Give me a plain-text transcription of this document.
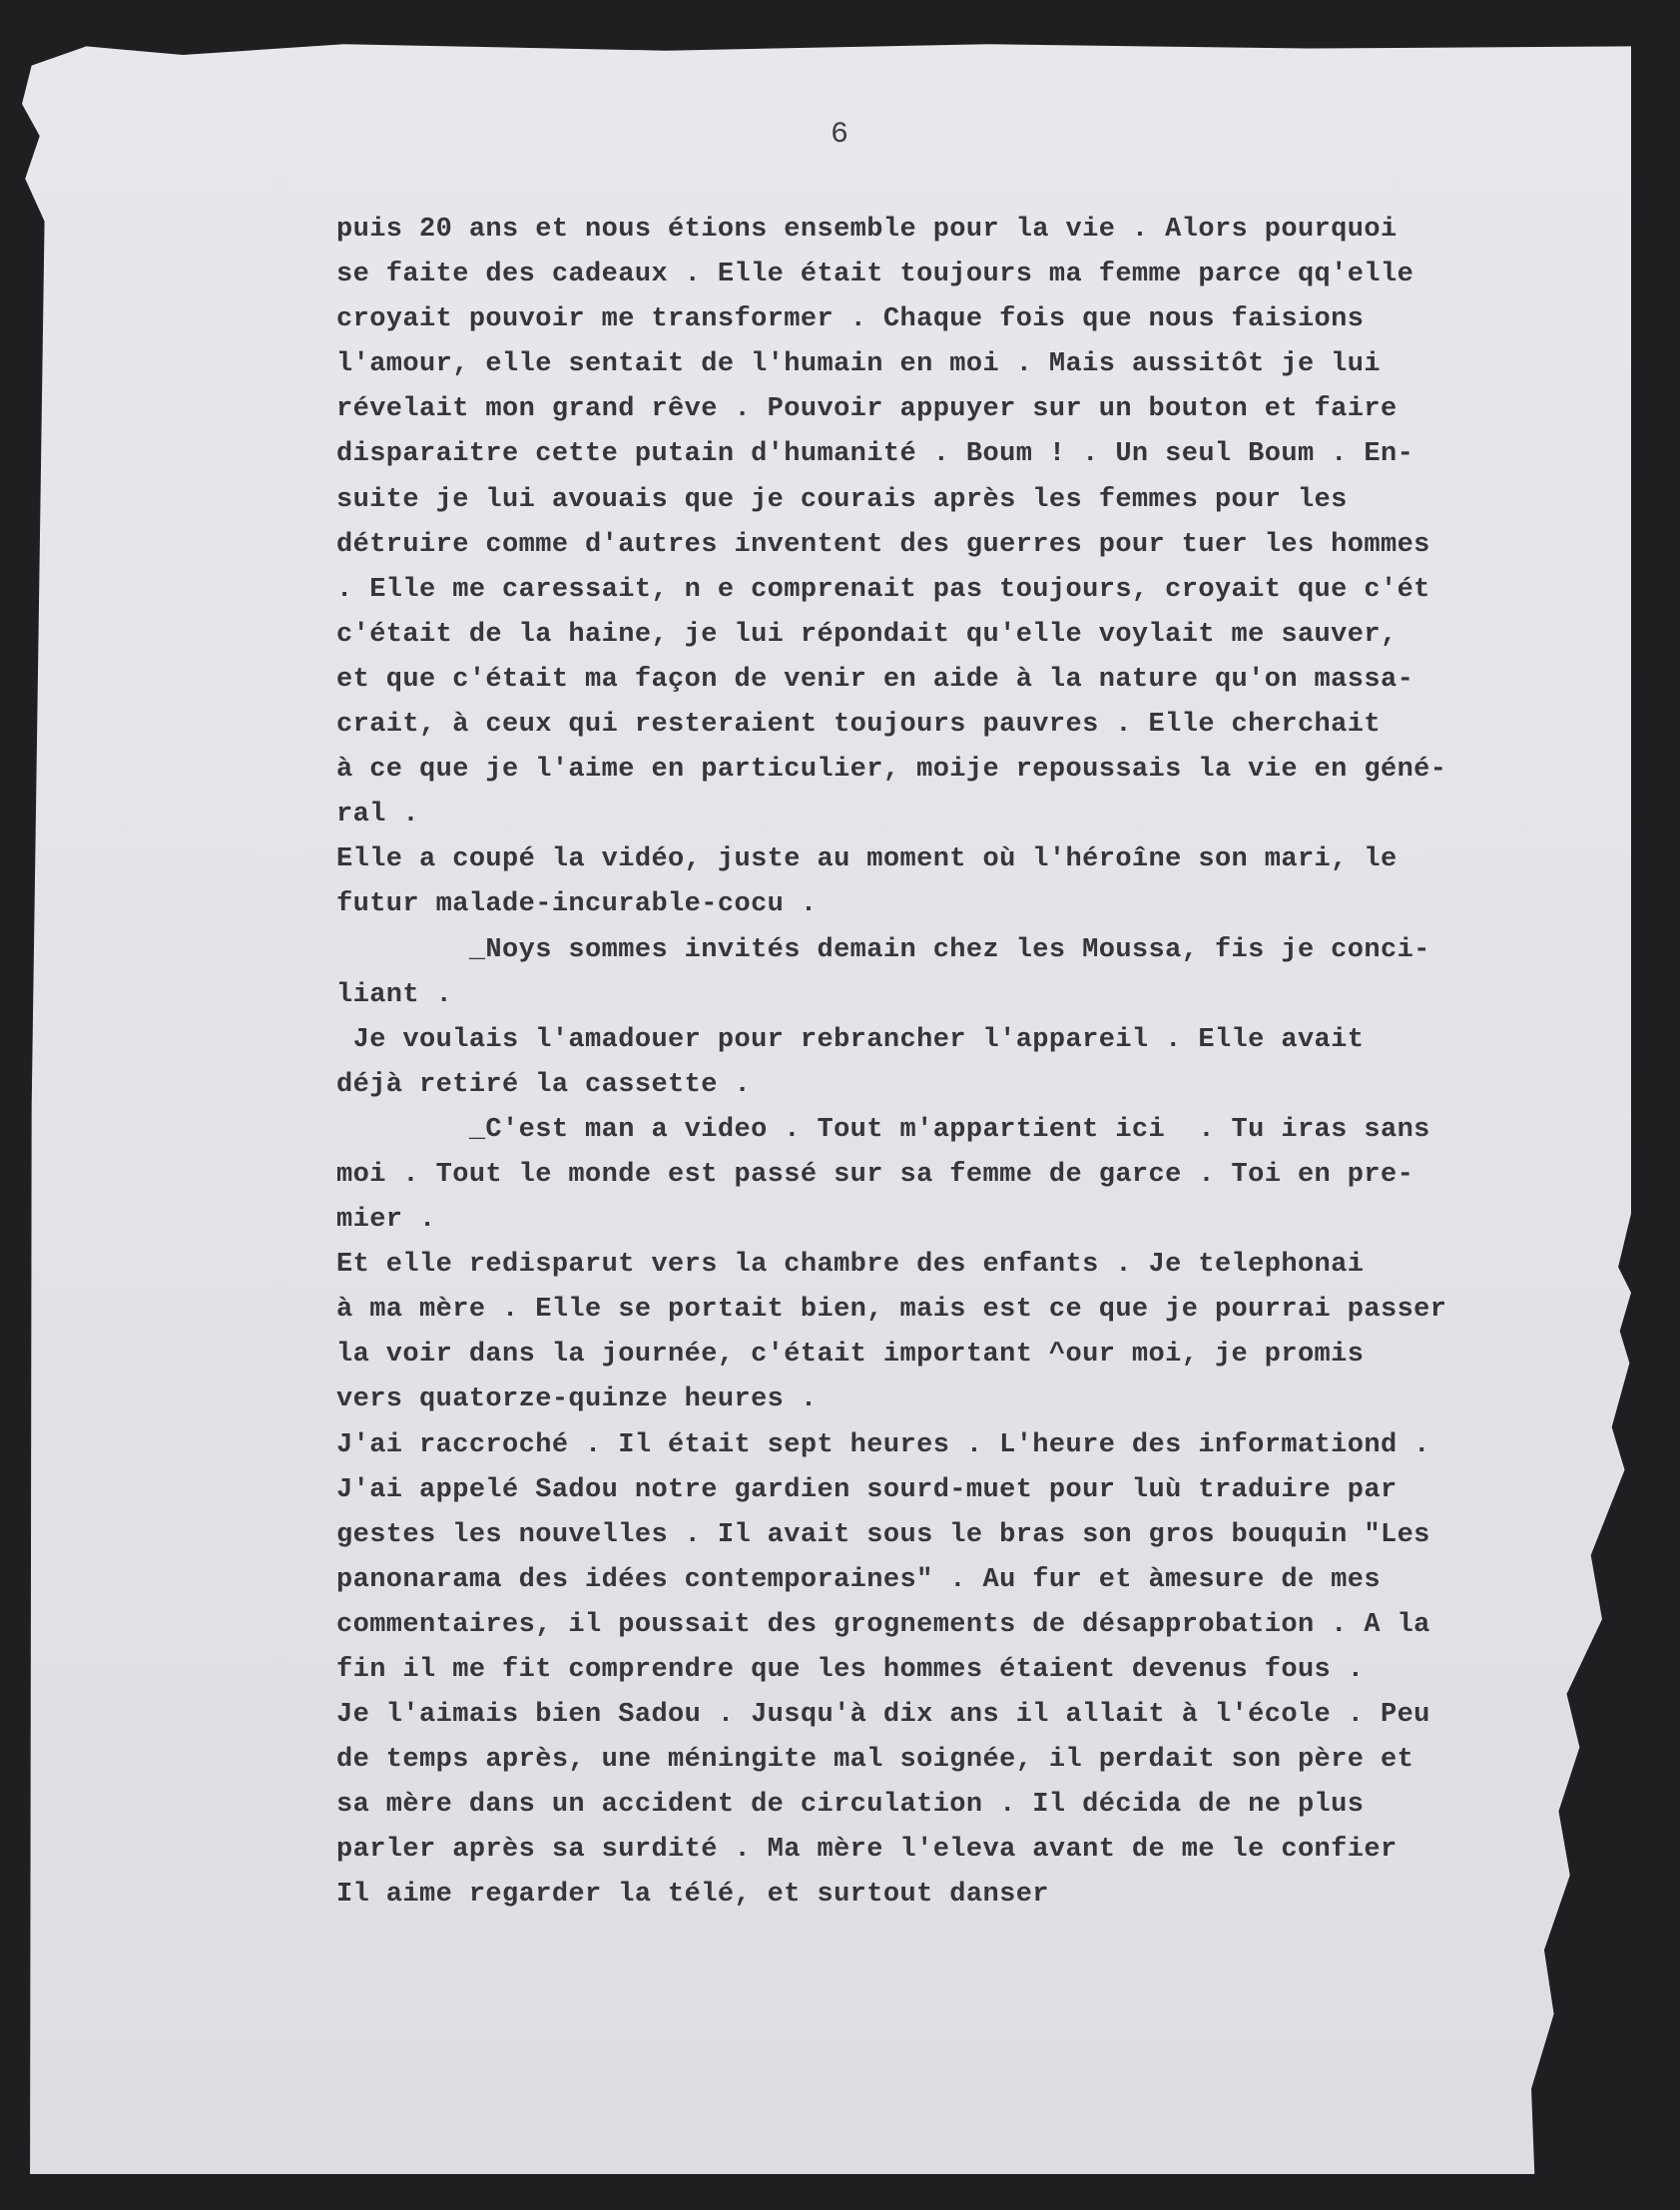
6
puis 20 ans et nous étions ensemble pour la vie . Alors pourquoi
se faite des cadeaux . Elle était toujours ma femme parce qq'elle
croyait pouvoir me transformer . Chaque fois que nous faisions
l'amour, elle sentait de l'humain en moi . Mais aussitôt je lui
révelait mon grand rêve . Pouvoir appuyer sur un bouton et faire
disparaitre cette putain d'humanité . Boum ! . Un seul Boum . En-
suite je lui avouais que je courais après les femmes pour les
détruire comme d'autres inventent des guerres pour tuer les hommes
. Elle me caressait, n e comprenait pas toujours, croyait que c'ét
c'était de la haine, je lui répondait qu'elle voylait me sauver,
et que c'était ma façon de venir en aide à la nature qu'on massa-
crait, à ceux qui resteraient toujours pauvres . Elle cherchait
à ce que je l'aime en particulier, moije repoussais la vie en géné-
ral .
Elle a coupé la vidéo, juste au moment où l'héroîne son mari, le
futur malade-incurable-cocu .
_Noys sommes invités demain chez les Moussa, fis je conci-
liant .
Je voulais l'amadouer pour rebrancher l'appareil . Elle avait
déjà retiré la cassette .
_C'est man a video . Tout m'appartient ici  . Tu iras sans
moi . Tout le monde est passé sur sa femme de garce . Toi en pre-
mier .
Et elle redisparut vers la chambre des enfants . Je telephonai
à ma mère . Elle se portait bien, mais est ce que je pourrai passer
la voir dans la journée, c'était important ^our moi, je promis
vers quatorze-quinze heures .
J'ai raccroché . Il était sept heures . L'heure des informationd .
J'ai appelé Sadou notre gardien sourd-muet pour luù traduire par
gestes les nouvelles . Il avait sous le bras son gros bouquin "Les
panonarama des idées contemporaines" . Au fur et àmesure de mes
commentaires, il poussait des grognements de désapprobation . A la
fin il me fit comprendre que les hommes étaient devenus fous .
Je l'aimais bien Sadou . Jusqu'à dix ans il allait à l'école . Peu
de temps après, une méningite mal soignée, il perdait son père et
sa mère dans un accident de circulation . Il décida de ne plus
parler après sa surdité . Ma mère l'eleva avant de me le confier
Il aime regarder la télé, et surtout danser
